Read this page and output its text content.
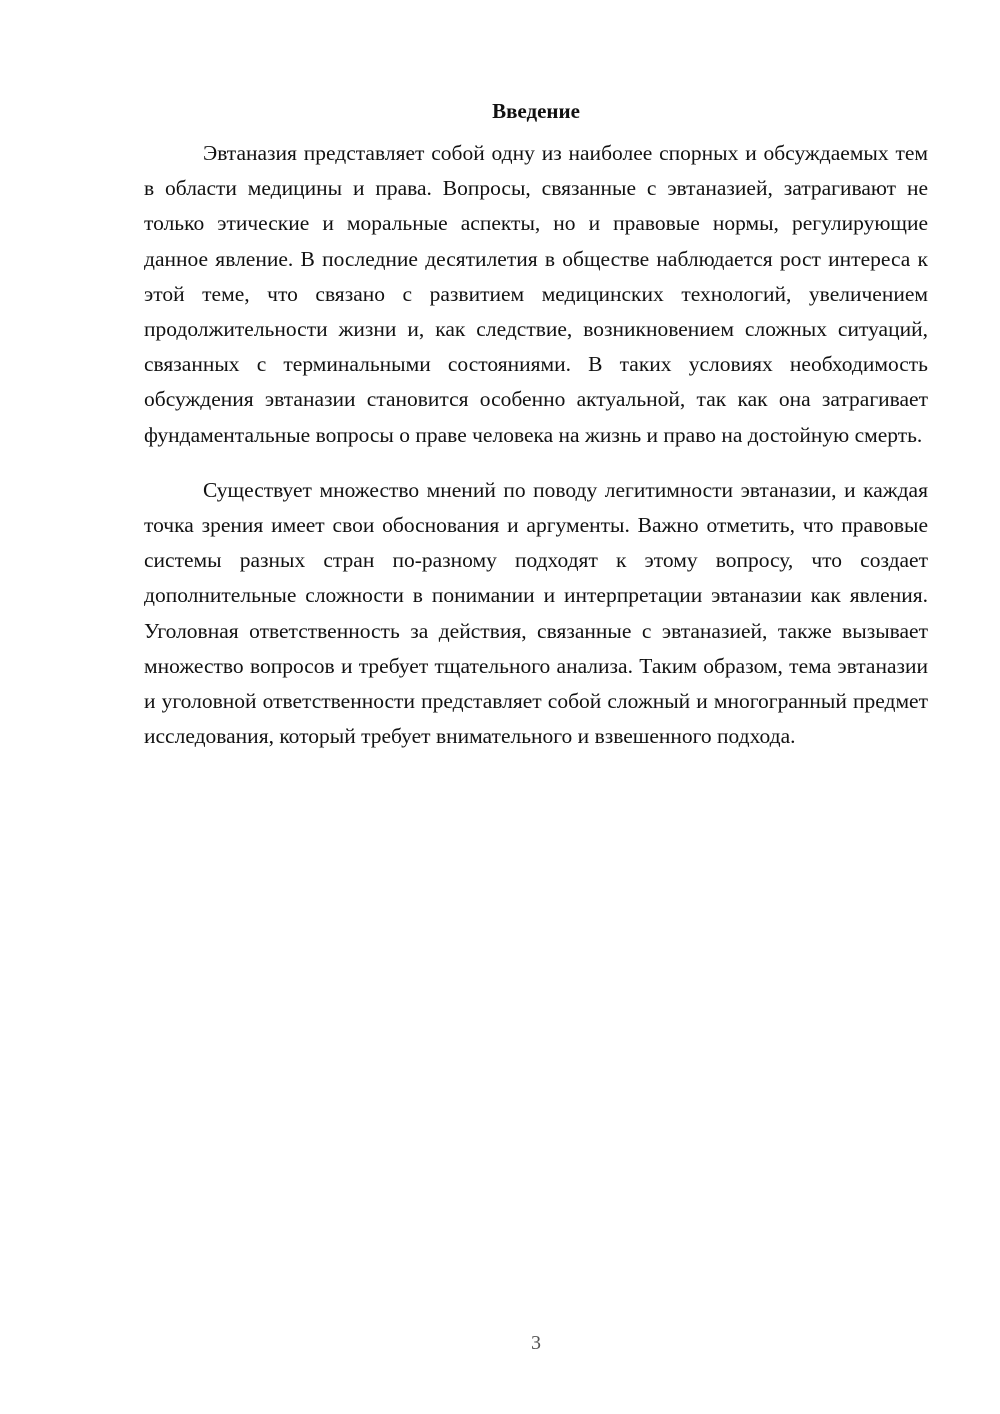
Введение

Эвтаназия представляет собой одну из наиболее спорных и обсуждаемых тем в области медицины и права. Вопросы, связанные с эвтаназией, затрагивают не только этические и моральные аспекты, но и правовые нормы, регулирующие данное явление. В последние десятилетия в обществе наблюдается рост интереса к этой теме, что связано с развитием медицинских технологий, увеличением продолжительности жизни и, как следствие, возникновением сложных ситуаций, связанных с терминальными состояниями. В таких условиях необходимость обсуждения эвтаназии становится особенно актуальной, так как она затрагивает фундаментальные вопросы о праве человека на жизнь и право на достойную смерть.

Существует множество мнений по поводу легитимности эвтаназии, и каждая точка зрения имеет свои обоснования и аргументы. Важно отметить, что правовые системы разных стран по-разному подходят к этому вопросу, что создает дополнительные сложности в понимании и интерпретации эвтаназии как явления. Уголовная ответственность за действия, связанные с эвтаназией, также вызывает множество вопросов и требует тщательного анализа. Таким образом, тема эвтаназии и уголовной ответственности представляет собой сложный и многогранный предмет исследования, который требует внимательного и взвешенного подхода.

3
